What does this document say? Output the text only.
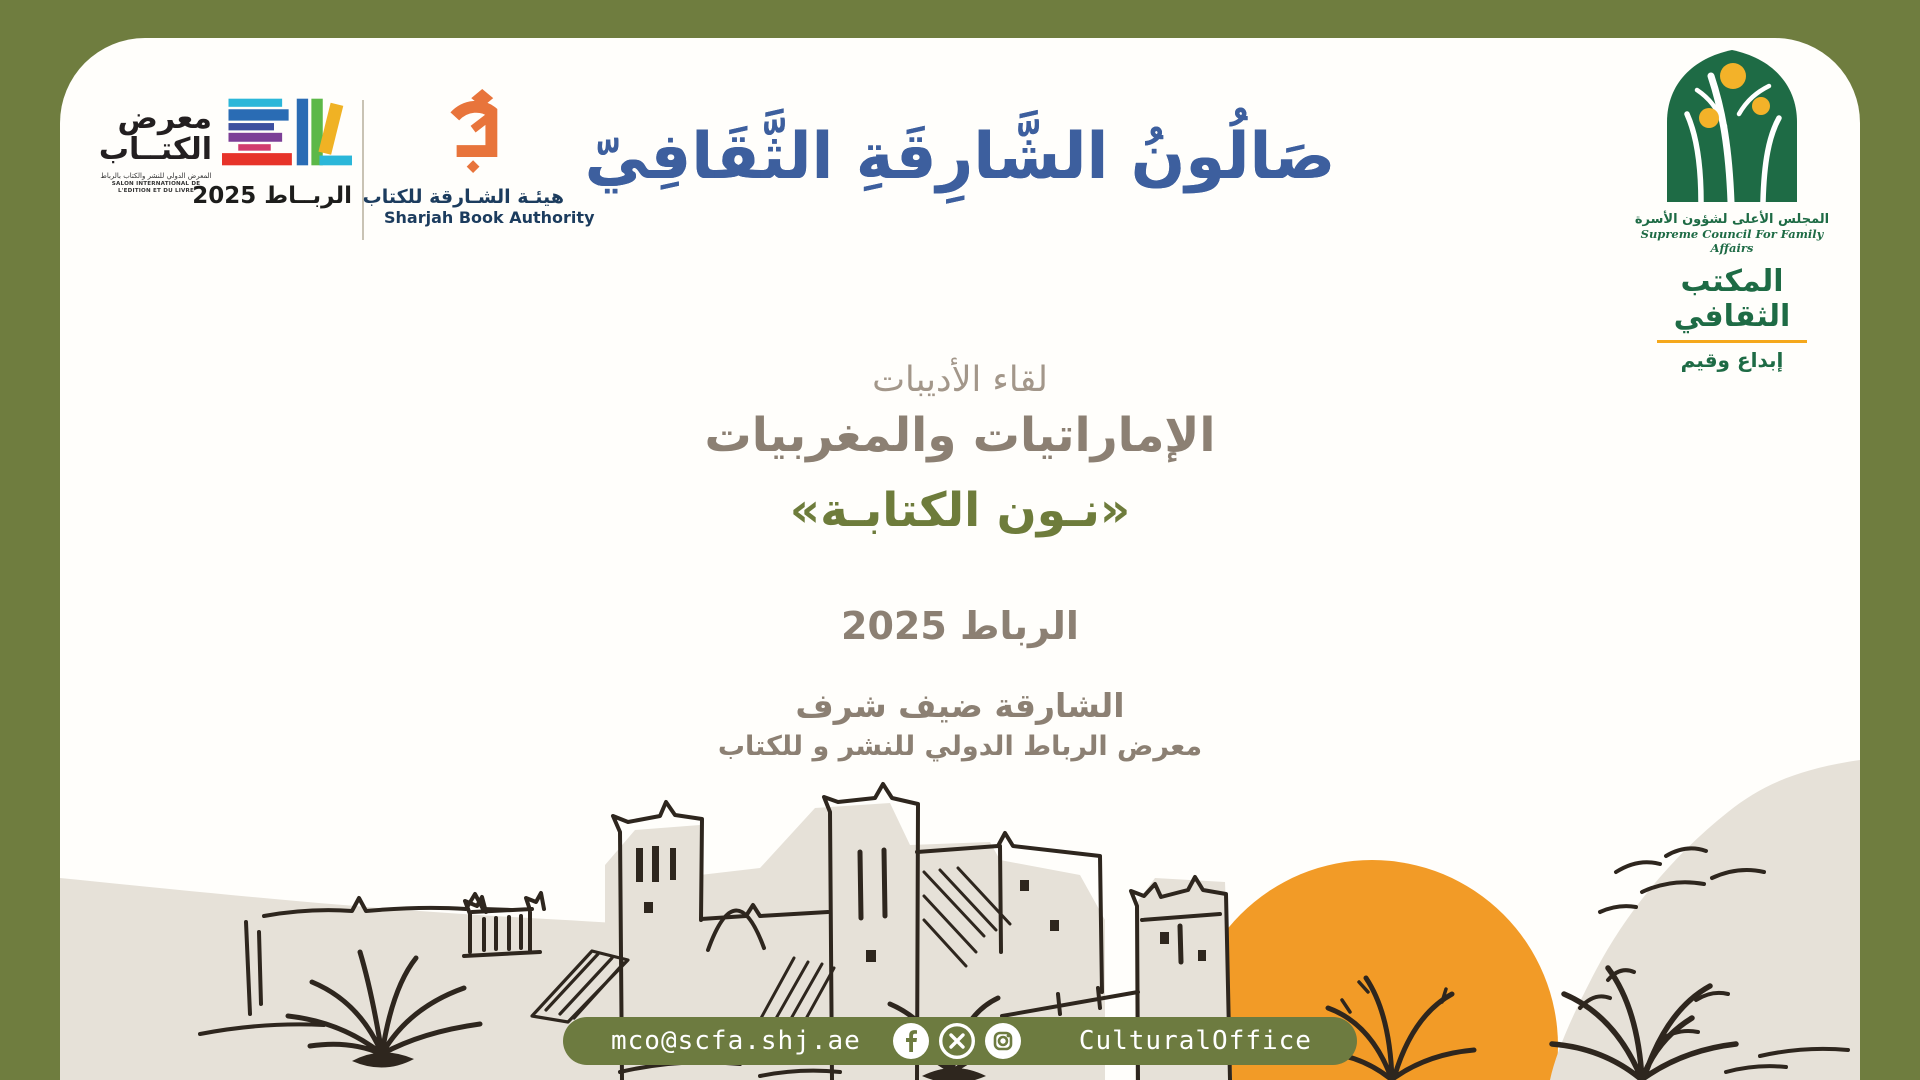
معرض
الكتــاب
المعرض الدولي للنشر والكتاب بالرباط
SALON INTERNATIONAL DE L'EDITION ET DU LIVRE
الربــاط 2025 هيئـة الشـارقة للكتاب
Sharjah Book Authority
صَالُونُ الشَّارِقَةِ الثَّقَافِيّ
المجلس الأعلى لشؤون الأسرة
Supreme Council For Family Affairs
المكتب الثقافي
إبداع وقيم
لقاء الأديبات
الإماراتيات والمغربيات
«نـون الكتابـة»
الرباط 2025
الشارقة ضيف شرف
معرض الرباط الدولي للنشر و للكتاب
mco@scfa.shj.ae	CulturalOffice
